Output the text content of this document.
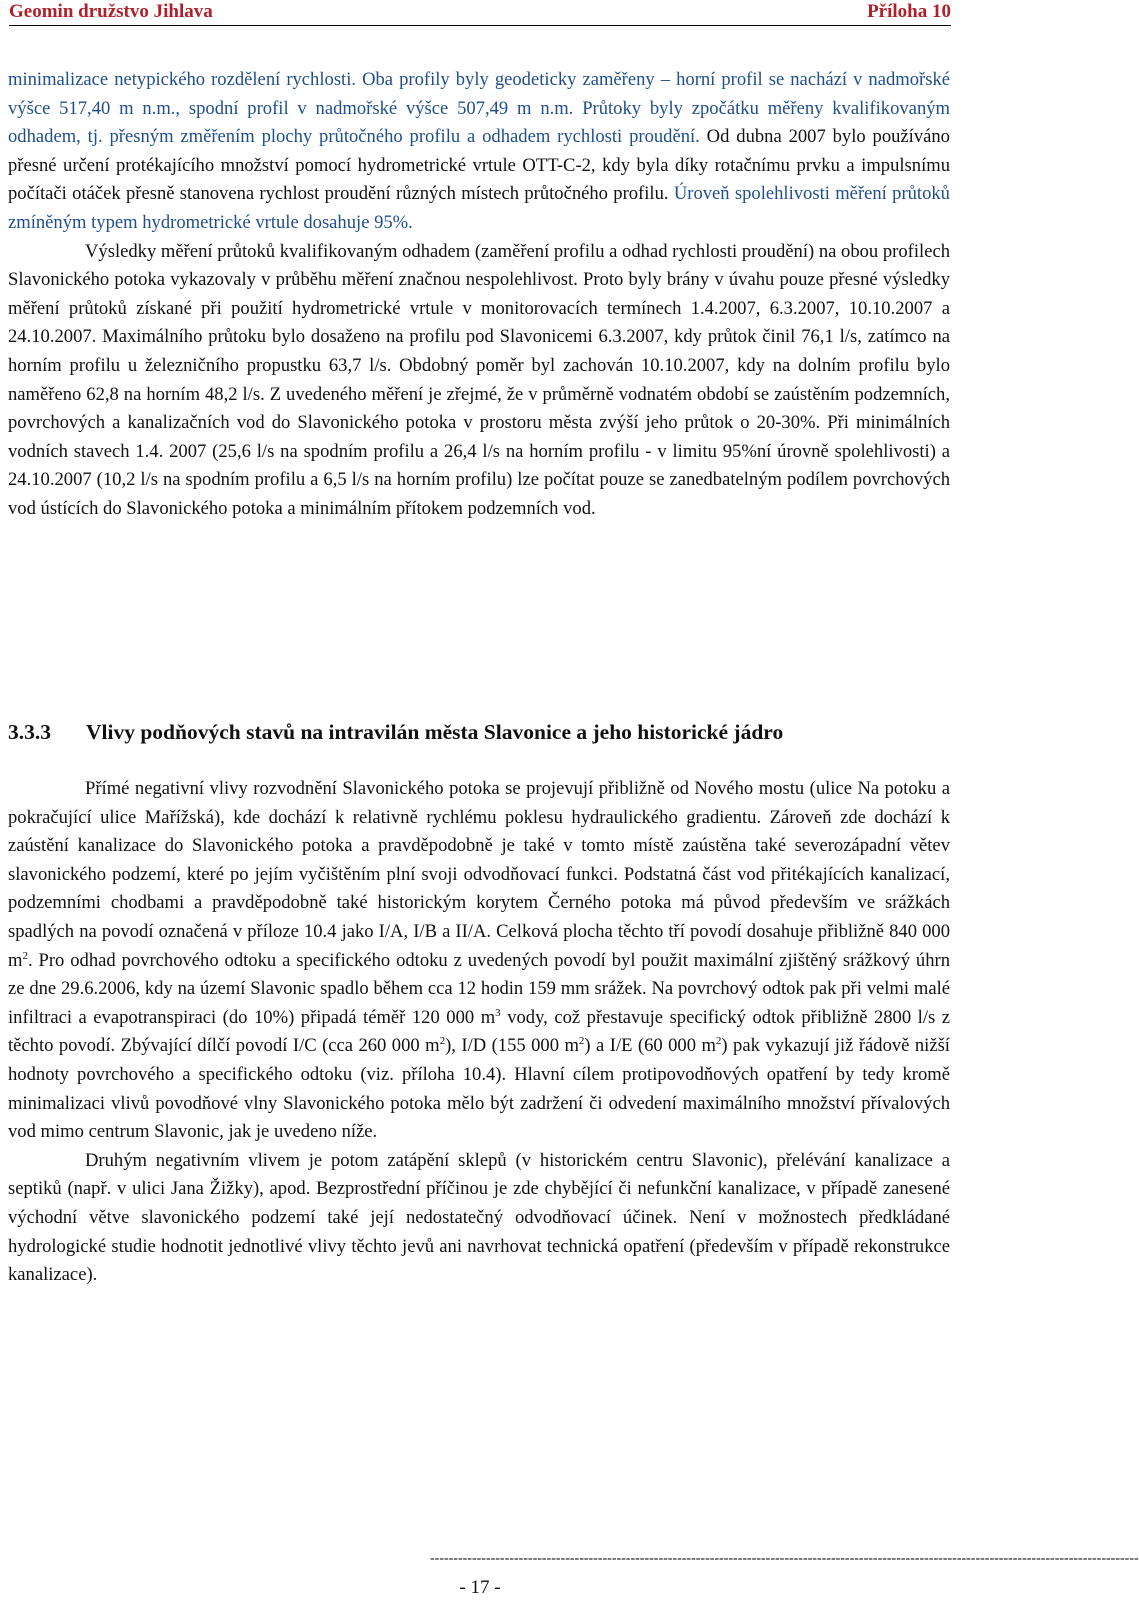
Geomin družstvo Jihlava	Příloha 10

minimalizace netypického rozdělení rychlosti. Oba profily byly geodeticky zaměřeny – horní profil se nachází v nadmořské výšce 517,40 m n.m., spodní profil v nadmořské výšce 507,49 m n.m. Průtoky byly zpočátku měřeny kvalifikovaným odhadem, tj. přesným změřením plochy průtočného profilu a odhadem rychlosti proudění. Od dubna 2007 bylo používáno přesné určení protékajícího množství pomocí hydrometrické vrtule OTT-C-2, kdy byla díky rotačnímu prvku a impulsnímu počítači otáček přesně stanovena rychlost proudění různých místech průtočného profilu. Úroveň spolehlivosti měření průtoků zmíněným typem hydrometrické vrtule dosahuje 95%.

Výsledky měření průtoků kvalifikovaným odhadem (zaměření profilu a odhad rychlosti proudění) na obou profilech Slavonického potoka vykazovaly v průběhu měření značnou nespolehlivost. Proto byly brány v úvahu pouze přesné výsledky měření průtoků získané při použití hydrometrické vrtule v monitorovacích termínech 1.4.2007, 6.3.2007, 10.10.2007 a 24.10.2007. Maximálního průtoku bylo dosaženo na profilu pod Slavonicemi 6.3.2007, kdy průtok činil 76,1 l/s, zatímco na horním profilu u železničního propustku 63,7 l/s. Obdobný poměr byl zachován 10.10.2007, kdy na dolním profilu bylo naměřeno 62,8 na horním 48,2 l/s. Z uvedeného měření je zřejmé, že v průměrně vodnatém období se zaústěním podzemních, povrchových a kanalizačních vod do Slavonického potoka v prostoru města zvýší jeho průtok o 20-30%. Při minimálních vodních stavech 1.4. 2007 (25,6 l/s na spodním profilu a 26,4 l/s na horním profilu - v limitu 95%ní úrovně spolehlivosti) a 24.10.2007 (10,2 l/s na spodním profilu a 6,5 l/s na horním profilu) lze počítat pouze se zanedbatelným podílem povrchových vod ústících do Slavonického potoka a minimálním přítokem podzemních vod.

3.3.3	Vlivy podňových stavů na intravilán města Slavonice a jeho historické jádro

Přímé negativní vlivy rozvodnění Slavonického potoka se projevují přibližně od Nového mostu (ulice Na potoku a pokračující ulice Mařížská), kde dochází k relativně rychlému poklesu hydraulického gradientu. Zároveň zde dochází k zaústění kanalizace do Slavonického potoka a pravděpodobně je také v tomto místě zaústěna také severozápadní větev slavonického podzemí, které po jejím vyčištěním plní svoji odvodňovací funkci. Podstatná část vod přitékajících kanalizací, podzemními chodbami a pravděpodobně také historickým korytem Černého potoka má původ především ve srážkách spadlých na povodí označená v příloze 10.4 jako I/A, I/B a II/A. Celková plocha těchto tří povodí dosahuje přibližně 840 000 $m^2$. Pro odhad povrchového odtoku a specifického odtoku z uvedených povodí byl použit maximální zjištěný srážkový úhrn ze dne 29.6.2006, kdy na území Slavonic spadlo během cca 12 hodin 159 mm srážek. Na povrchový odtok pak při velmi malé infiltraci a evapotranspiraci (do 10%) připadá téměř 120 000 $m^3$ vody, což přestavuje specifický odtok přibližně 2800 l/s z těchto povodí. Zbývající dílčí povodí I/C (cca 260 000 $m^2$), I/D (155 000 $m^2$) a I/E (60 000 $m^2$) pak vykazují již řádově nižší hodnoty povrchového a specifického odtoku (viz. příloha 10.4). Hlavní cílem protipovodňových opatření by tedy kromě minimalizaci vlivů povodňové vlny Slavonického potoka mělo být zadržení či odvedení maximálního množství přívalových vod mimo centrum Slavonic, jak je uvedeno níže.

Druhým negativním vlivem je potom zatápění sklepů (v historickém centru Slavonic), přelévání kanalizace a septiků (např. v ulici Jana Žižky), apod. Bezprostřední příčinou je zde chybějící či nefunkční kanalizace, v případě zanesené východní větve slavonického podzemí také její nedostatečný odvodňovací účinek. Není v možnostech předkládané hydrologické studie hodnotit jednotlivé vlivy těchto jevů ani navrhovat technická opatření (především v případě rekonstrukce kanalizace).

--------------------------------------------------------------------------------------------------------------------------------------------------------
- 17 -
